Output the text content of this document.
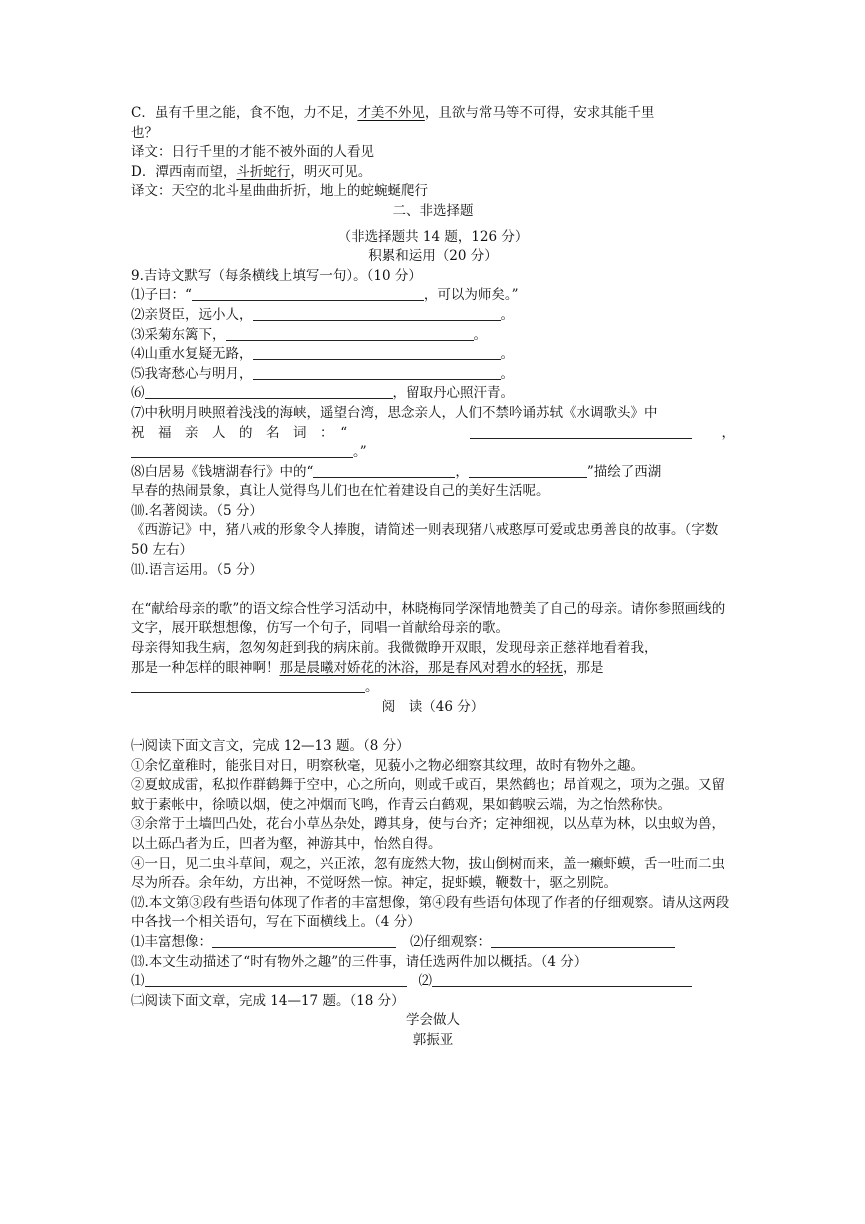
C．虽有千里之能，食不饱，力不足，才美不外见，且欲与常马等不可得，安求其能千里
也？
译文：日行千里的才能不被外面的人看见
D．潭西南而望，斗折蛇行，明灭可见。
译文：天空的北斗星曲曲折折，地上的蛇蜿蜒爬行
二、非选择题
（非选择题共 14 题，126 分）
积累和运用（20 分）
9.吉诗文默写（每条横线上填写一句）。（10 分）
⑴子曰：“	，可以为师矣。”
⑵亲贤臣，远小人，	。
⑶采菊东篱下，	。
⑷山重水复疑无路，	。
⑸我寄愁心与明月，	。
⑹	，留取丹心照汗青。
⑺中秋明月映照着浅浅的海峡，遥望台湾，思念亲人，人们不禁吟诵苏轼《水调歌头》中
祝　福　亲　人　的　名　词　：　“	，
。”
⑻白居易《钱塘湖春行》中的“	，	”描绘了西湖
早春的热闹景象，真让人觉得鸟儿们也在忙着建设自己的美好生活呢。
⑽.名著阅读。（5 分）
《西游记》中，猪八戒的形象令人捧腹，请简述一则表现猪八戒憨厚可爱或忠勇善良的故事。（字数 50 左右）
⑾.语言运用。（5 分）
在“献给母亲的歌”的语文综合性学习活动中，林晓梅同学深情地赞美了自己的母亲。请你参照画线的文字，展开联想想像，仿写一个句子，同唱一首献给母亲的歌。
母亲得知我生病，忽匆匆赶到我的病床前。我微微睁开双眼，发现母亲正慈祥地看着我，
那是一种怎样的眼神啊！那是晨曦对娇花的沐浴，那是春风对碧水的轻抚，那是
。
阅　读（46 分）
㈠阅读下面文言文，完成 12—13 题。（8 分）
①余忆童稚时，能张目对日，明察秋毫，见藐小之物必细察其纹理，故时有物外之趣。
②夏蚊成雷，私拟作群鹤舞于空中，心之所向，则或千或百，果然鹤也；昂首观之，项为之强。又留蚊于素帐中，徐喷以烟，使之冲烟而飞鸣，作青云白鹤观，果如鹤唳云端，为之怡然称快。
③余常于土墙凹凸处，花台小草丛杂处，蹲其身，使与台齐；定神细视，以丛草为林，以虫蚁为兽，以土砾凸者为丘，凹者为壑，神游其中，怡然自得。
④一日，见二虫斗草间，观之，兴正浓，忽有庞然大物，拔山倒树而来，盖一癞虾蟆，舌一吐而二虫尽为所吞。余年幼，方出神，不觉呀然一惊。神定，捉虾蟆，鞭数十，驱之别院。
⑿.本文第③段有些语句体现了作者的丰富想像，第④段有些语句体现了作者的仔细观察。请从这两段中各找一个相关语句，写在下面横线上。（4 分）
⑴丰富想像：	⑵仔细观察：
⒀.本文生动描述了“时有物外之趣”的三件事，请任选两件加以概括。（4 分）
⑴	⑵
㈡阅读下面文章，完成 14—17 题。（18 分）
学会做人
郭振亚
